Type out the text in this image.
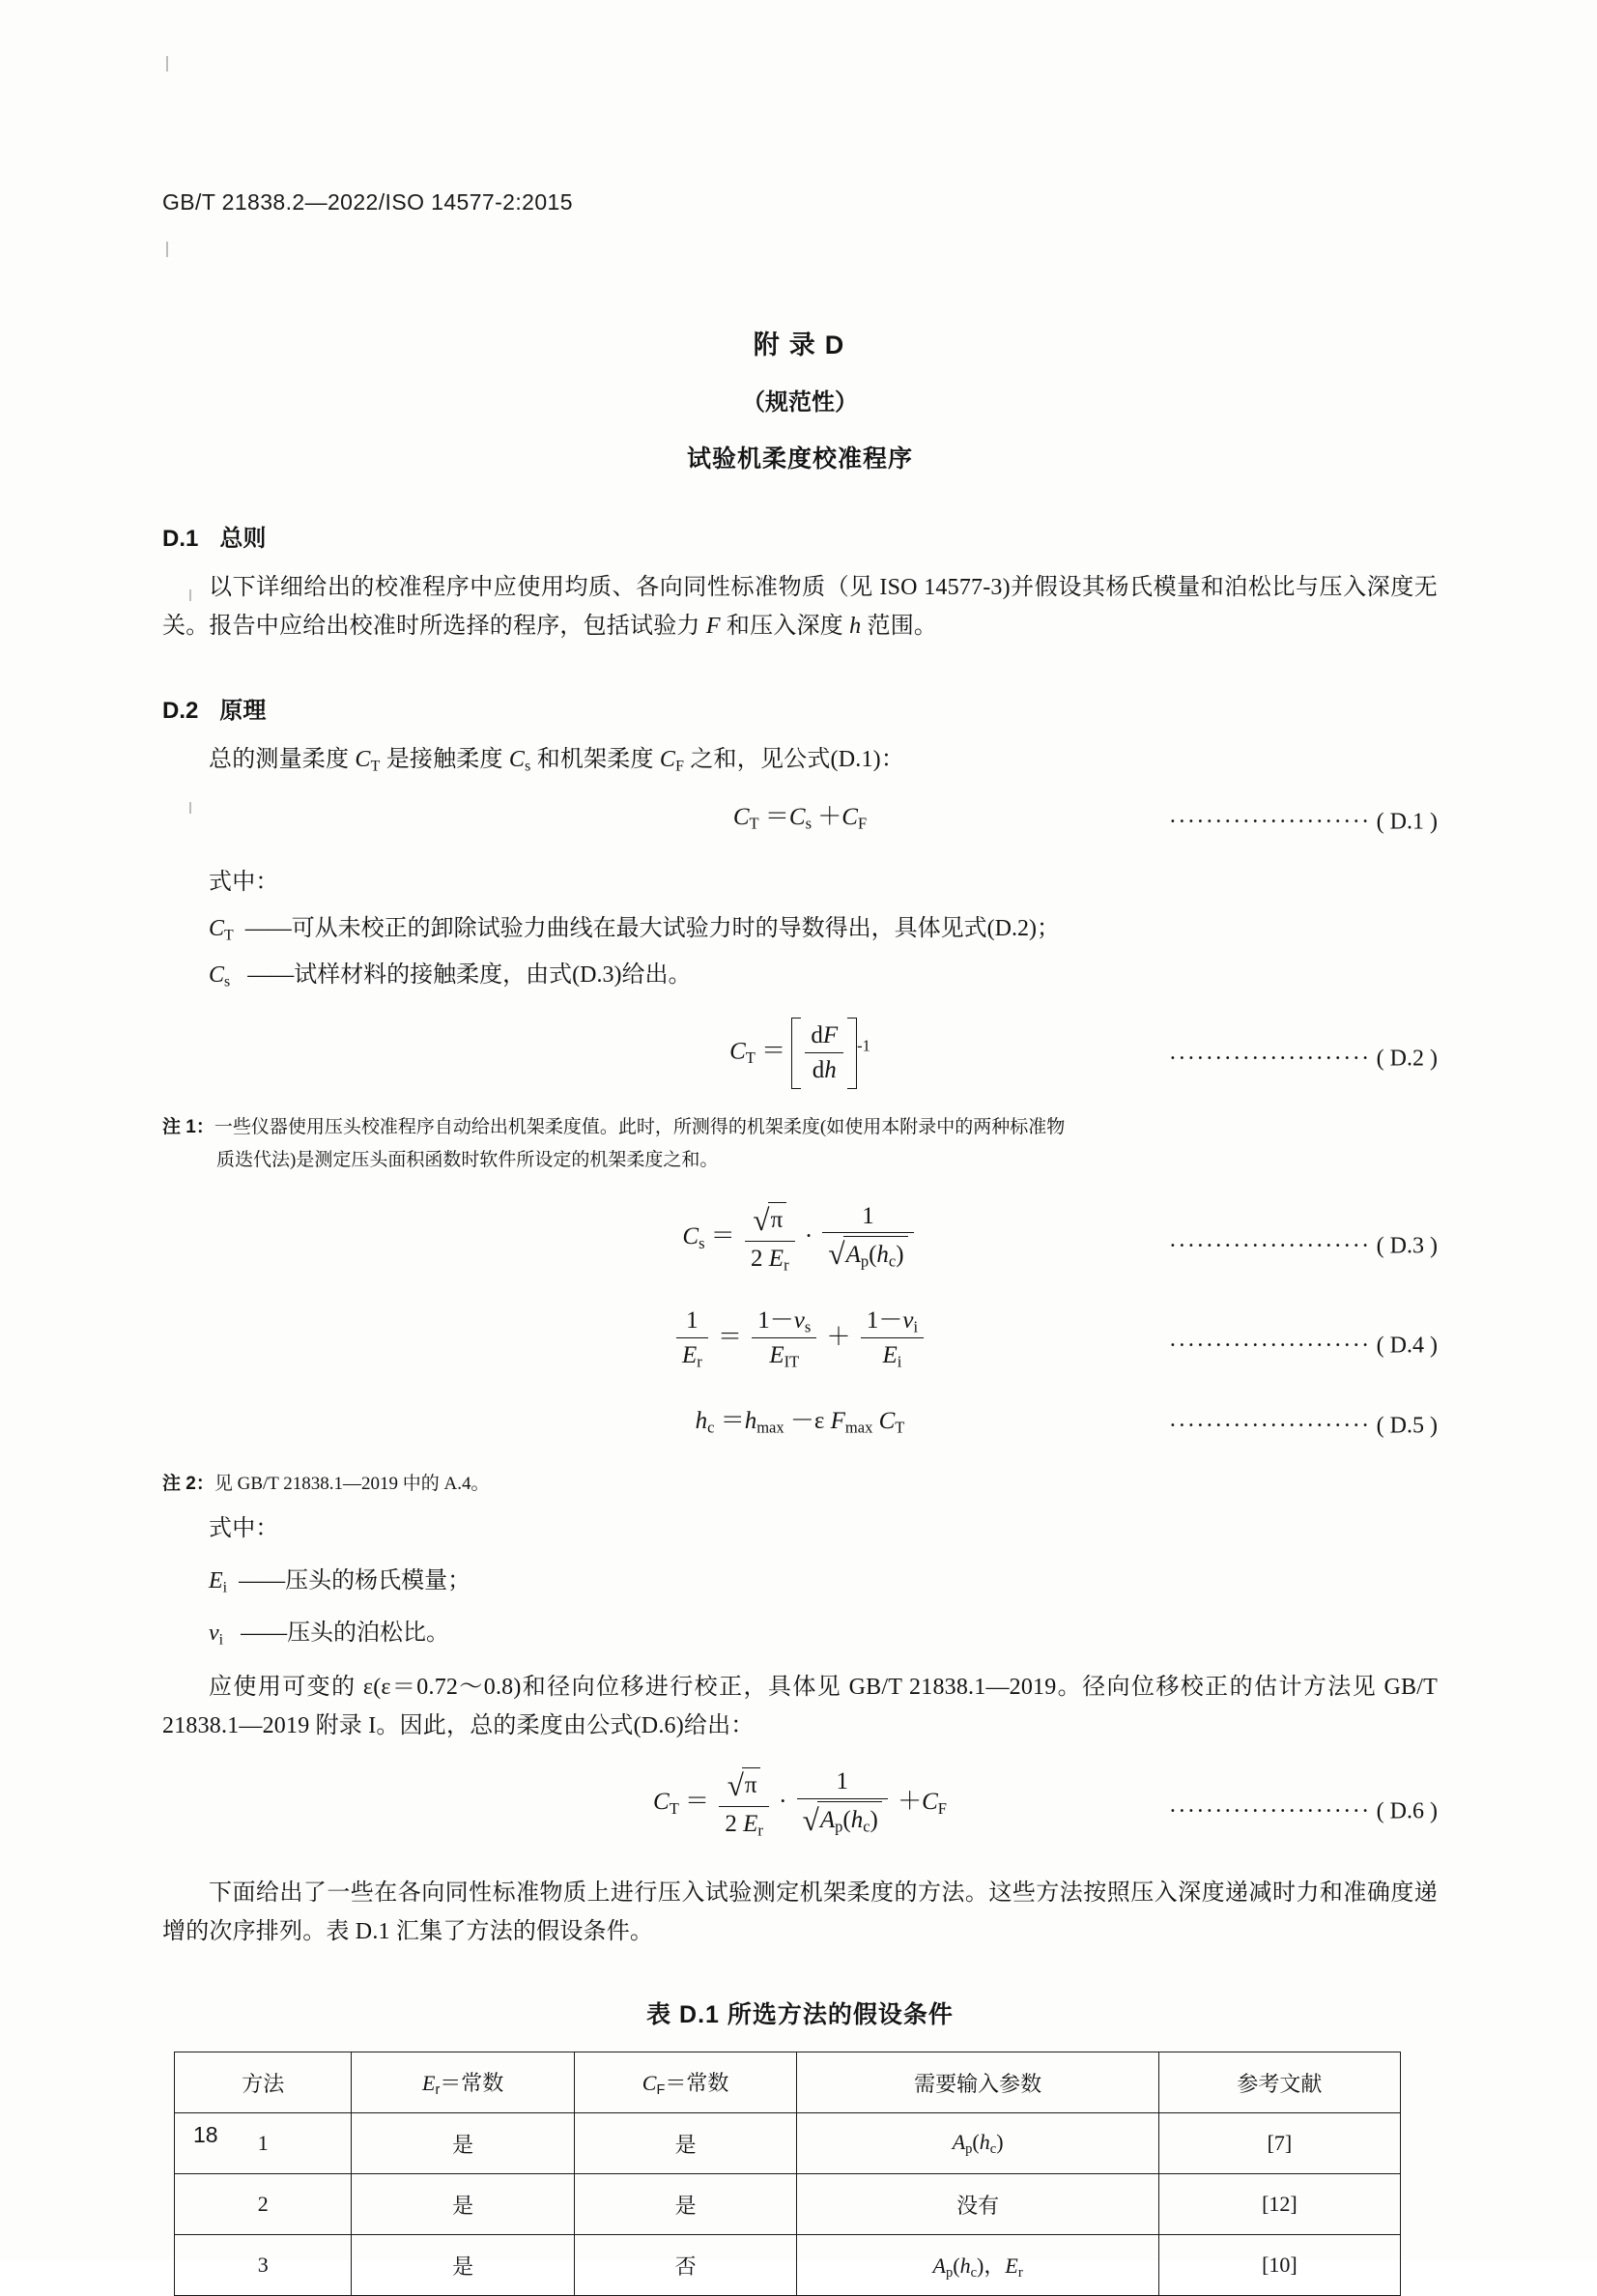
GB/T 21838.2—2022/ISO 14577-2:2015
附录D
（规范性）
试验机柔度校准程序
D.1 总则
以下详细给出的校准程序中应使用均质、各向同性标准物质（见 ISO 14577-3)并假设其杨氏模量和泊松比与压入深度无关。报告中应给出校准时所选择的程序，包括试验力 F 和压入深度 h 范围。
D.2 原理
总的测量柔度 $C_T$ 是接触柔度 $C_s$ 和机架柔度 $C_F$ 之和，见公式(D.1)：
$C_T =C_s +C_F$	······················ ( D.1 )
式中：
$C_T$ ——可从未校正的卸除试验力曲线在最大试验力时的导数得出，具体见式(D.2)；
$C_s$ ——试样材料的接触柔度，由式(D.3)给出。
$C_T = \frac{dF}{dh} ^{-1}$
······················ ( D.2 )
注 1：一些仪器使用压头校准程序自动给出机架柔度值。此时，所测得的机架柔度(如使用本附录中的两种标准物
质迭代法)是测定压头面积函数时软件所设定的机架柔度之和。
$C_s = \frac{√\pi}{2 E_r} \cdot \frac{1}{√A_p(h_c)}$	······················ ( D.3 )
$\frac{1}{E_r} = \frac{1-\nu_s}{E_{IT}} + \frac{1-\nu_i}{E_i}$	······················ ( D.4 )
$h_c =h_{max} -\varepsilon$ $F_{max}$ $C_T$	······················ ( D.5 )
注 2：见 GB/T 21838.1—2019 中的 A.4。
式中：
$E_i$ ——压头的杨氏模量；
$\nu_i$ ——压头的泊松比。
应使用可变的 ε(ε＝0.72～0.8)和径向位移进行校正，具体见 GB/T 21838.1—2019。径向位移校正的估计方法见 GB/T 21838.1—2019 附录 I。因此，总的柔度由公式(D.6)给出：
$C_T = \frac{√\pi}{2 E_r} \cdot \frac{1}{√A_p(h_c)} +C_F$	······················ ( D.6 )
下面给出了一些在各向同性标准物质上进行压入试验测定机架柔度的方法。这些方法按照压入深度递减时力和准确度递增的次序排列。表 D.1 汇集了方法的假设条件。
表 D.1 所选方法的假设条件
方法	$E_r=$常数	$C_F=$常数	需要输入参数	参考文献
1	是	是	$A_p(h_c)$	[7]
2	是	是	没有	[12]
3	是	否	$A_p(h_c)$，$E_r$	[10]
18
